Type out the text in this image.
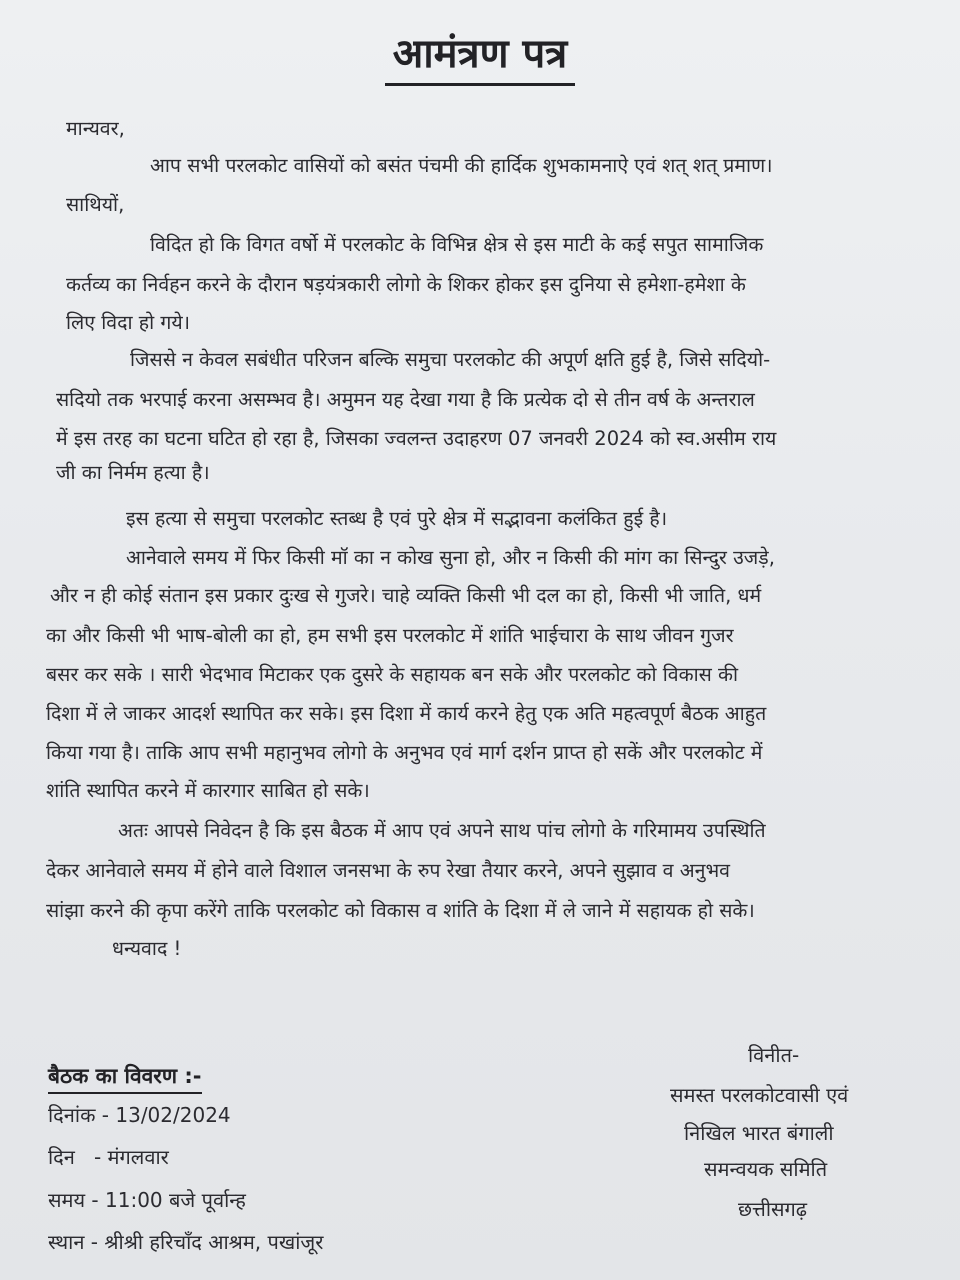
आमंत्रण पत्र
मान्यवर,
आप सभी परलकोट वासियों को बसंत पंचमी की हार्दिक शुभकामनाऐ एवं शत् शत् प्रमाण।
साथियों,
विदित हो कि विगत वर्षो में परलकोट के विभिन्न क्षेत्र से इस माटी के कई सपुत सामाजिक
कर्तव्य का निर्वहन करने के दौरान षड़यंत्रकारी लोगो के शिकर होकर इस दुनिया से हमेशा-हमेशा के
लिए विदा हो गये।
जिससे न केवल सबंधीत परिजन बल्कि समुचा परलकोट की अपूर्ण क्षति हुई है, जिसे सदियो-
सदियो तक भरपाई करना असम्भव है। अमुमन यह देखा गया है कि प्रत्येक दो से तीन वर्ष के अन्तराल
में इस तरह का घटना घटित हो रहा है, जिसका ज्वलन्त उदाहरण 07 जनवरी 2024 को स्व.असीम राय
जी का निर्मम हत्या है।
इस हत्या से समुचा परलकोट स्तब्ध है एवं पुरे क्षेत्र में सद्भावना कलंकित हुई है।
आनेवाले समय में फिर किसी मॉ का न कोख सुना हो, और न किसी की मांग का सिन्दुर उजड़े,
और न ही कोई संतान इस प्रकार दुःख से गुजरे। चाहे व्यक्ति किसी भी दल का हो, किसी भी जाति, धर्म
का और किसी भी भाष-बोली का हो, हम सभी इस परलकोट में शांति भाईचारा के साथ जीवन गुजर
बसर कर सके । सारी भेदभाव मिटाकर एक दुसरे के सहायक बन सके और परलकोट को विकास की
दिशा में ले जाकर आदर्श स्थापित कर सके। इस दिशा में कार्य करने हेतु एक अति महत्वपूर्ण बैठक आहुत
किया गया है। ताकि आप सभी महानुभव लोगो के अनुभव एवं मार्ग दर्शन प्राप्त हो सकें और परलकोट में
शांति स्थापित करने में कारगार साबित हो सके।
अतः आपसे निवेदन है कि इस बैठक में आप एवं अपने साथ पांच लोगो के गरिमामय उपस्थिति
देकर आनेवाले समय में होने वाले विशाल जनसभा के रुप रेखा तैयार करने, अपने सुझाव व अनुभव
सांझा करने की कृपा करेंगे ताकि परलकोट को विकास व शांति के दिशा में ले जाने में सहायक हो सके।
धन्यवाद !
बैठक का विवरण :-
दिनांक - 13/02/2024
दिन   - मंगलवार
समय - 11:00 बजे पूर्वान्ह
स्थान - श्रीश्री हरिचाँद आश्रम, पखांजूर
विनीत-
समस्त परलकोटवासी एवं
निखिल भारत बंगाली
समन्वयक समिति
छत्तीसगढ़
